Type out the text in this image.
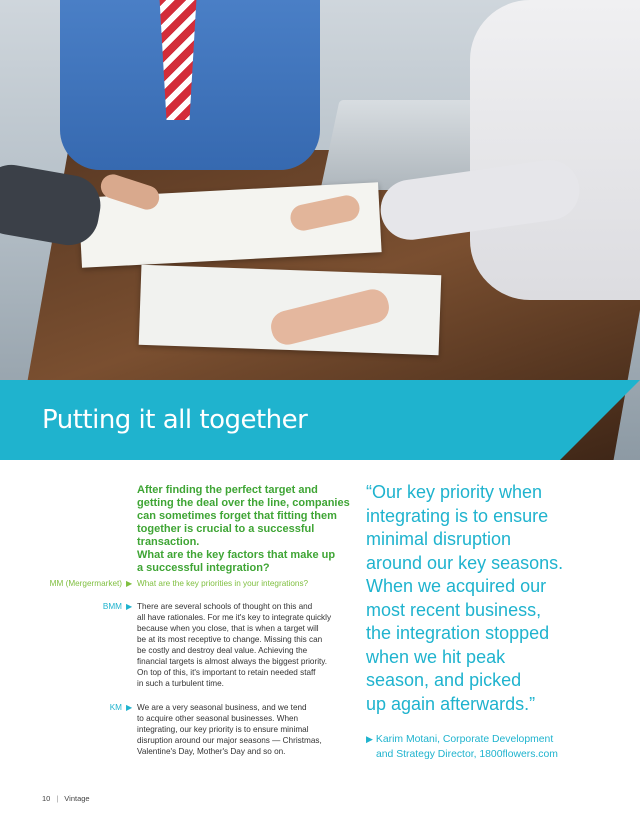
Putting it all together
After finding the perfect target and
getting the deal over the line, companies
can sometimes forget that fitting them
together is crucial to a successful transaction.
What are the key factors that make up
a successful integration?
MM (Mergermarket) ▶ What are the key priorities in your integrations?
BMM ▶ There are several schools of thought on this and
all have rationales. For me it's key to integrate quickly
because when you close, that is when a target will
be at its most receptive to change. Missing this can
be costly and destroy deal value. Achieving the
financial targets is almost always the biggest priority.
On top of this, it's important to retain needed staff
in such a turbulent time.
KM ▶ We are a very seasonal business, and we tend
to acquire other seasonal businesses. When
integrating, our key priority is to ensure minimal
disruption around our major seasons — Christmas,
Valentine's Day, Mother's Day and so on.
“Our key priority when
integrating is to ensure
minimal disruption
around our key seasons.
When we acquired our
most recent business,
the integration stopped
when we hit peak
season, and picked
up again afterwards.”
▶ Karim Motani, Corporate Development
and Strategy Director, 1800flowers.com
10 | Vintage
